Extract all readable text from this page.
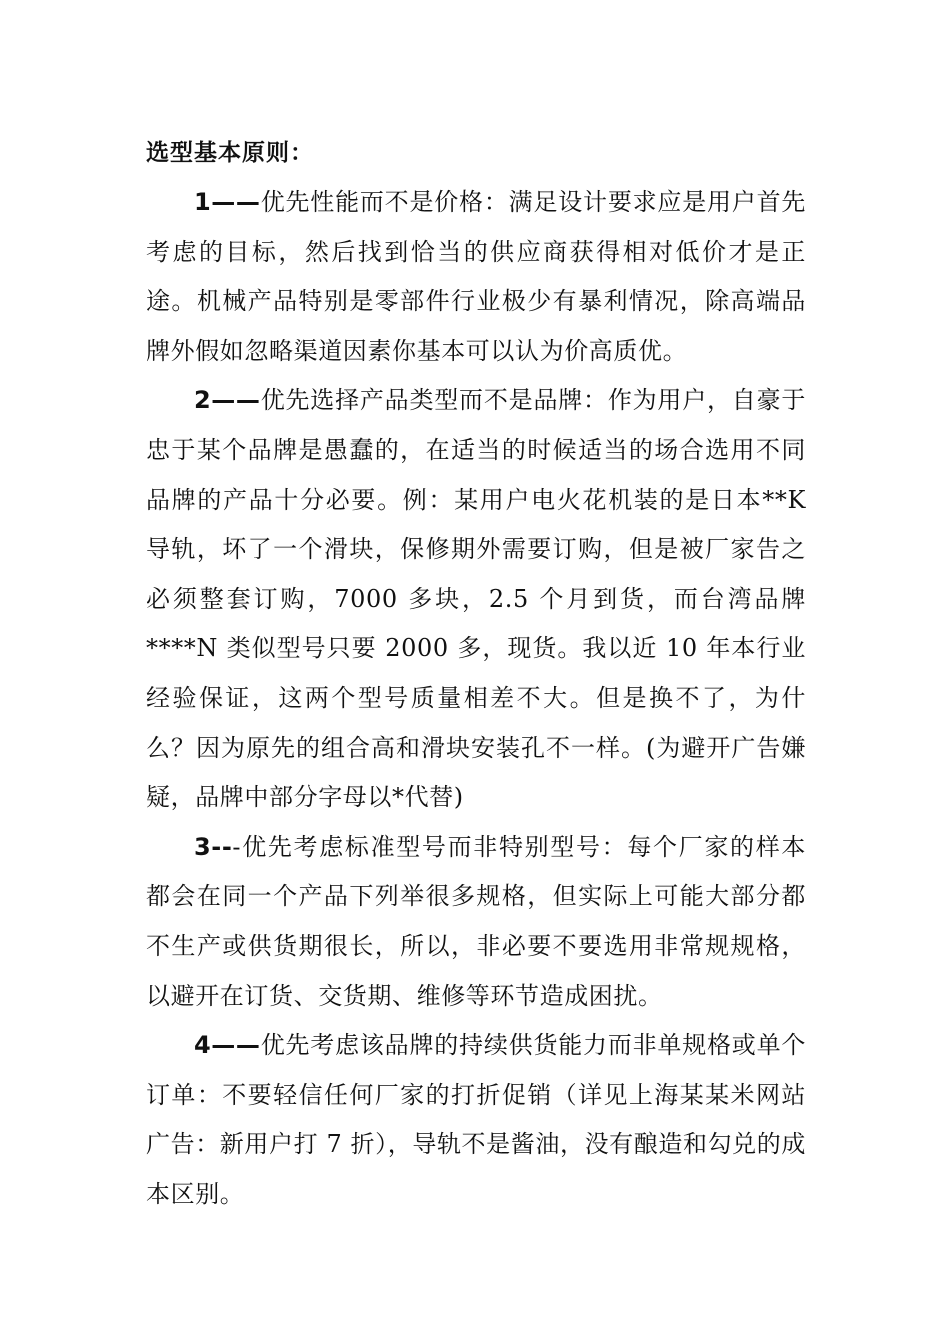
选型基本原则：

1——优先性能而不是价格：满足设计要求应是用户首先考虑的目标，然后找到恰当的供应商获得相对低价才是正途。机械产品特别是零部件行业极少有暴利情况，除高端品牌外假如忽略渠道因素你基本可以认为价高质优。

2——优先选择产品类型而不是品牌：作为用户，自豪于忠于某个品牌是愚蠢的，在适当的时候适当的场合选用不同品牌的产品十分必要。例：某用户电火花机装的是日本**K 导轨，坏了一个滑块，保修期外需要订购，但是被厂家告之必须整套订购，7000 多块，2.5 个月到货，而台湾品牌****N 类似型号只要 2000 多，现货。我以近 10 年本行业经验保证，这两个型号质量相差不大。但是换不了，为什么？因为原先的组合高和滑块安装孔不一样。(为避开广告嫌疑，品牌中部分字母以*代替)

3---优先考虑标准型号而非特别型号：每个厂家的样本都会在同一个产品下列举很多规格，但实际上可能大部分都不生产或供货期很长，所以，非必要不要选用非常规规格，以避开在订货、交货期、维修等环节造成困扰。

4——优先考虑该品牌的持续供货能力而非单规格或单个订单：不要轻信任何厂家的打折促销（详见上海某某米网站广告：新用户打 7 折），导轨不是酱油，没有酿造和勾兑的成本区别。
